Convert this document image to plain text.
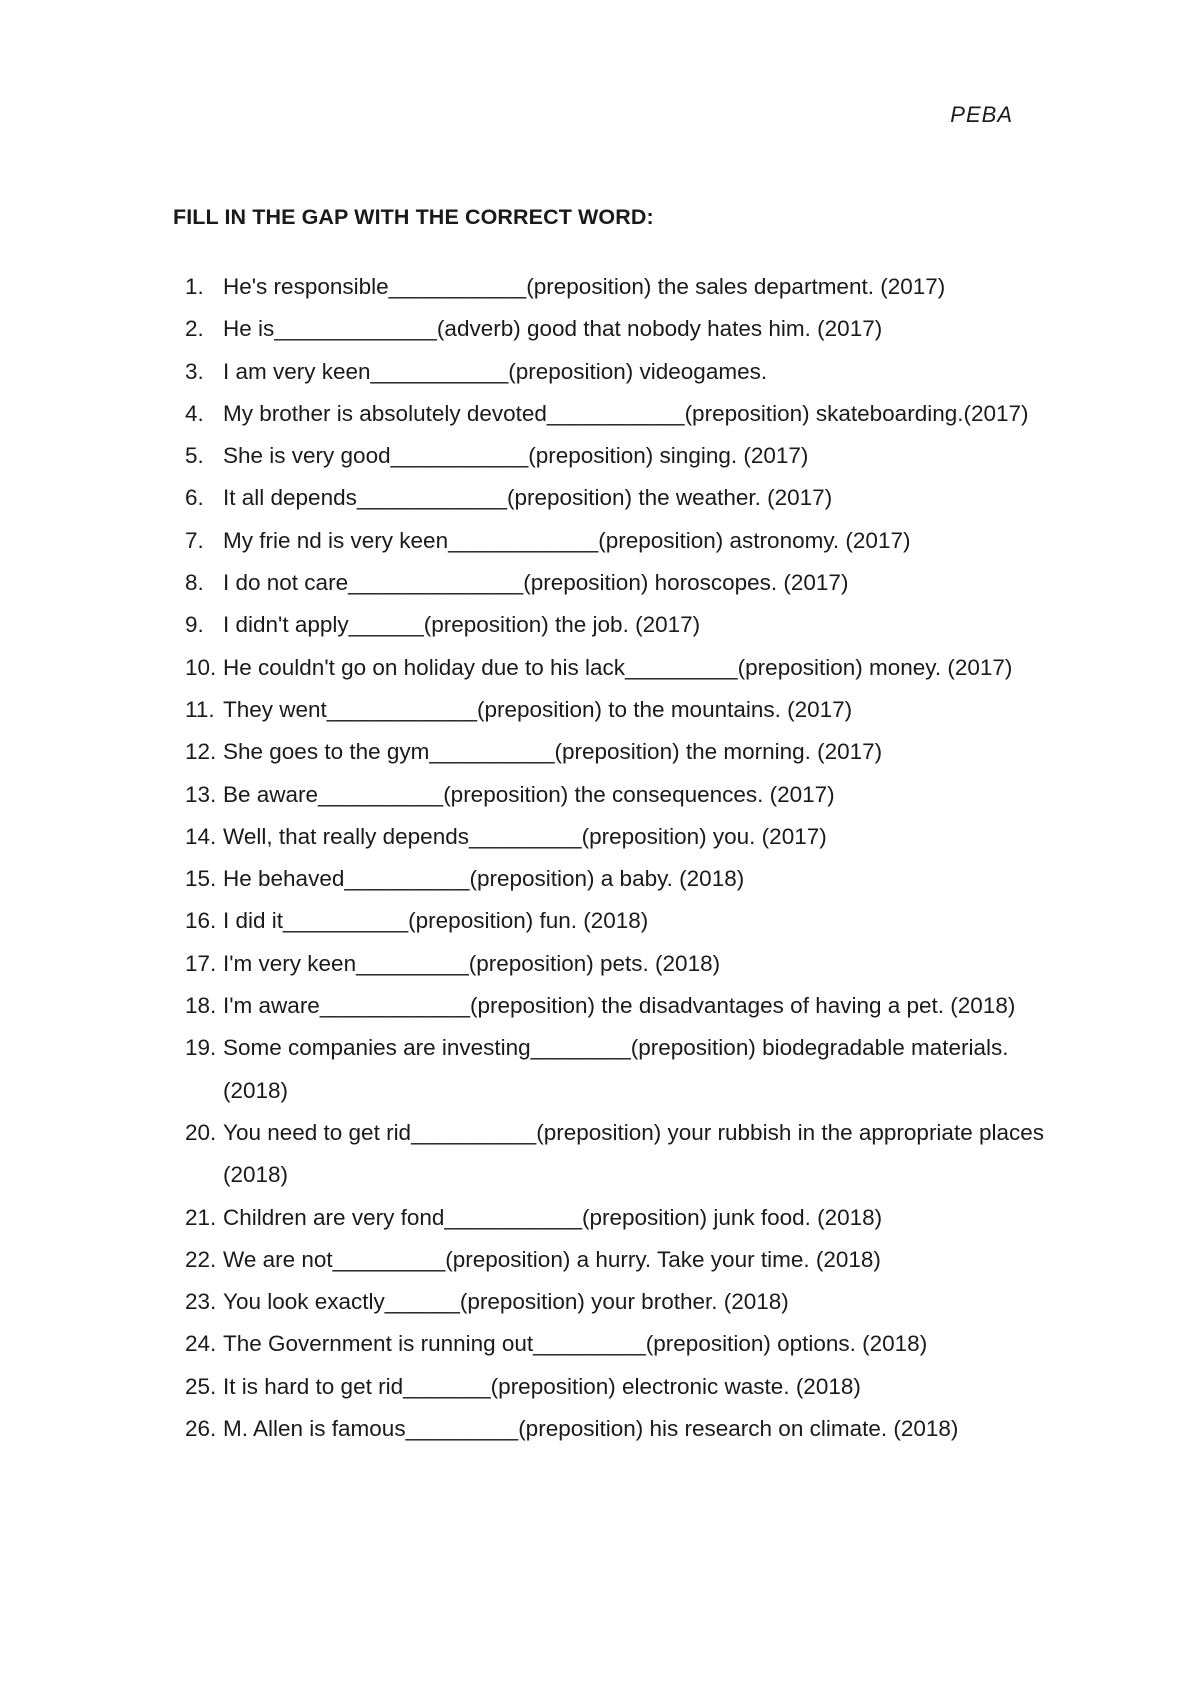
PEBA
FILL IN THE GAP WITH THE CORRECT WORD:
1. He's responsible___________(preposition) the sales department. (2017)
2. He is_____________(adverb) good that nobody hates him. (2017)
3. I am very keen___________(preposition) videogames.
4. My brother is absolutely devoted___________(preposition) skateboarding.(2017)
5. She is very good___________(preposition) singing. (2017)
6. It all depends____________(preposition) the weather. (2017)
7. My frie nd is very keen____________(preposition) astronomy. (2017)
8. I do not care______________(preposition) horoscopes. (2017)
9. I didn't apply______(preposition) the job. (2017)
10. He couldn't go on holiday due to his lack_________(preposition) money. (2017)
11. They went____________(preposition) to the mountains. (2017)
12. She goes to the gym__________(preposition) the morning. (2017)
13. Be aware__________(preposition) the consequences. (2017)
14. Well, that really depends_________(preposition) you. (2017)
15. He behaved__________(preposition) a baby. (2018)
16. I did it__________(preposition) fun. (2018)
17. I'm very keen_________(preposition) pets. (2018)
18. I'm aware____________(preposition) the disadvantages of having a pet. (2018)
19. Some companies are investing________(preposition) biodegradable materials. (2018)
20. You need to get rid__________(preposition) your rubbish in the appropriate places (2018)
21. Children are very fond___________(preposition) junk food. (2018)
22. We are not_________(preposition) a hurry. Take your time. (2018)
23. You look exactly______(preposition) your brother. (2018)
24. The Government is running out_________(preposition) options. (2018)
25. It is hard to get rid_______(preposition) electronic waste. (2018)
26. M. Allen is famous_________(preposition) his research on climate. (2018)
